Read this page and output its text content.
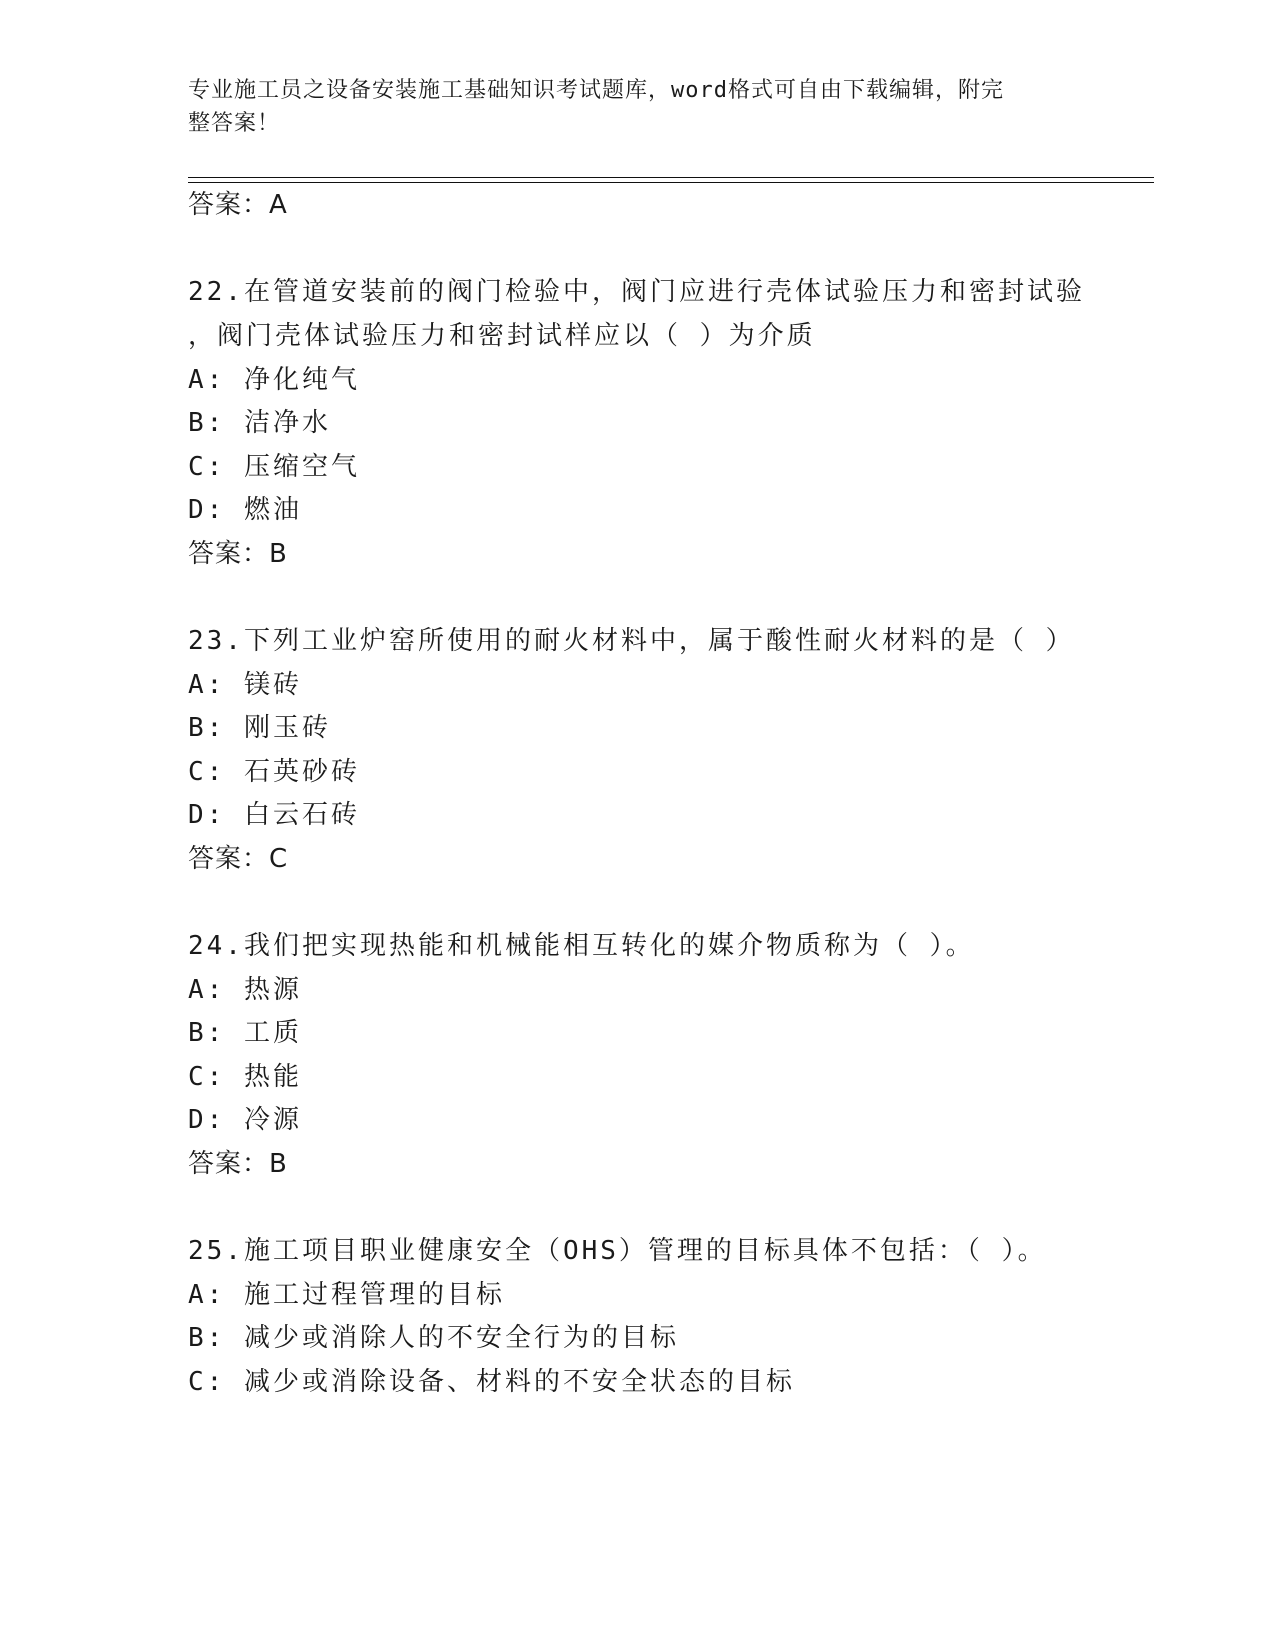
专业施工员之设备安装施工基础知识考试题库，word格式可自由下载编辑，附完
整答案！
答案：A
22.在管道安装前的阀门检验中，阀门应进行壳体试验压力和密封试验
，阀门壳体试验压力和密封试样应以（ ）为介质
A: 净化纯气
B: 洁净水
C: 压缩空气
D: 燃油
答案：B
23.下列工业炉窑所使用的耐火材料中，属于酸性耐火材料的是（ ）
A: 镁砖
B: 刚玉砖
C: 石英砂砖
D: 白云石砖
答案：C
24.我们把实现热能和机械能相互转化的媒介物质称为（ ）。
A: 热源
B: 工质
C: 热能
D: 冷源
答案：B
25.施工项目职业健康安全（OHS）管理的目标具体不包括：（ ）。
A: 施工过程管理的目标
B: 减少或消除人的不安全行为的目标
C: 减少或消除设备、材料的不安全状态的目标
